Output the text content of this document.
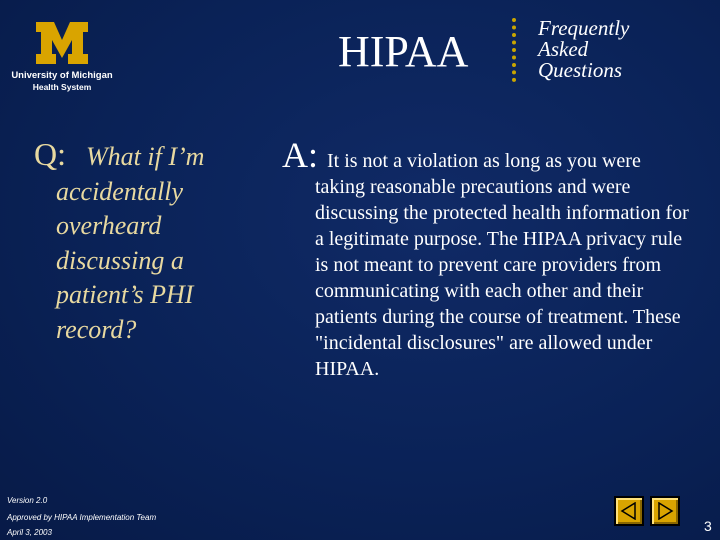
University of Michigan
Health System
HIPAA	Frequently
Asked
Questions
Q: What if I’m accidentally overheard discussing a patient’s PHI record?
A: It is not a violation as long as you were taking reasonable precautions and were discussing the protected health information for a legitimate purpose. The HIPAA privacy rule is not meant to prevent care providers from communicating with each other and their patients during the course of treatment. These "incidental disclosures" are allowed under HIPAA.
Version 2.0
Approved by HIPAA Implementation Team
April 3, 2003	3
